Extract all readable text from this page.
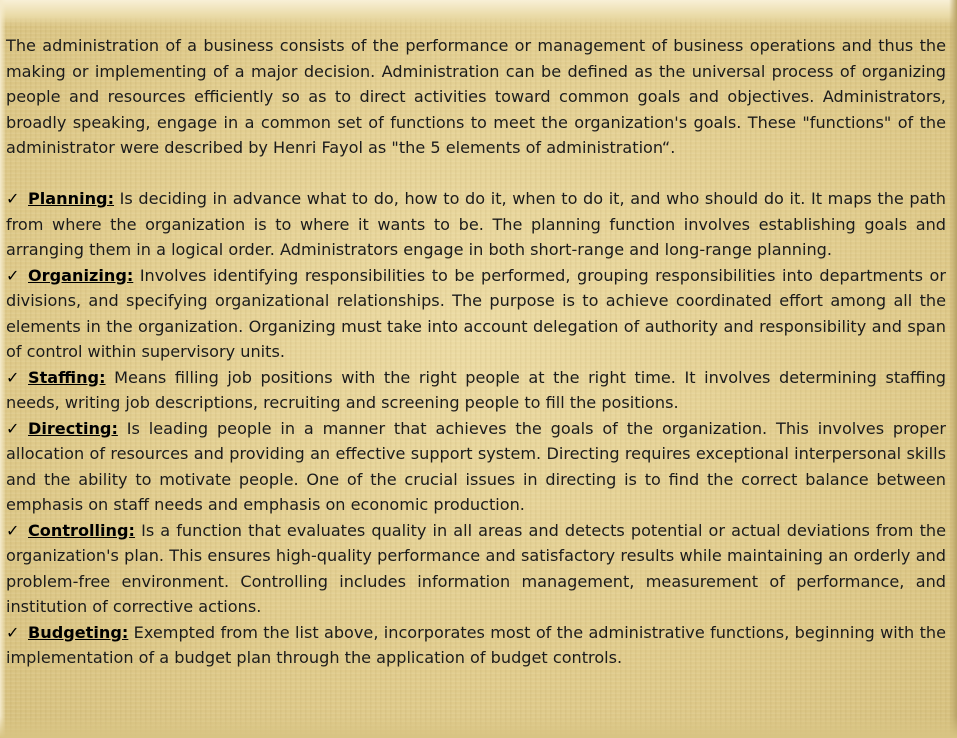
The administration of a business consists of the performance or management of business operations and thus the making or implementing of a major decision. Administration can be defined as the universal process of organizing people and resources efficiently so as to direct activities toward common goals and objectives. Administrators, broadly speaking, engage in a common set of functions to meet the organization's goals. These "functions" of the administrator were described by Henri Fayol as "the 5 elements of administration“.

✓ Planning: Is deciding in advance what to do, how to do it, when to do it, and who should do it. It maps the path from where the organization is to where it wants to be. The planning function involves establishing goals and arranging them in a logical order. Administrators engage in both short-range and long-range planning.

✓ Organizing: Involves identifying responsibilities to be performed, grouping responsibilities into departments or divisions, and specifying organizational relationships. The purpose is to achieve coordinated effort among all the elements in the organization. Organizing must take into account delegation of authority and responsibility and span of control within supervisory units.

✓ Staffing: Means filling job positions with the right people at the right time. It involves determining staffing needs, writing job descriptions, recruiting and screening people to fill the positions.

✓ Directing: Is leading people in a manner that achieves the goals of the organization. This involves proper allocation of resources and providing an effective support system. Directing requires exceptional interpersonal skills and the ability to motivate people. One of the crucial issues in directing is to find the correct balance between emphasis on staff needs and emphasis on economic production.

✓ Controlling: Is a function that evaluates quality in all areas and detects potential or actual deviations from the organization's plan. This ensures high-quality performance and satisfactory results while maintaining an orderly and problem-free environment. Controlling includes information management, measurement of performance, and institution of corrective actions.

✓ Budgeting: Exempted from the list above, incorporates most of the administrative functions, beginning with the implementation of a budget plan through the application of budget controls.
